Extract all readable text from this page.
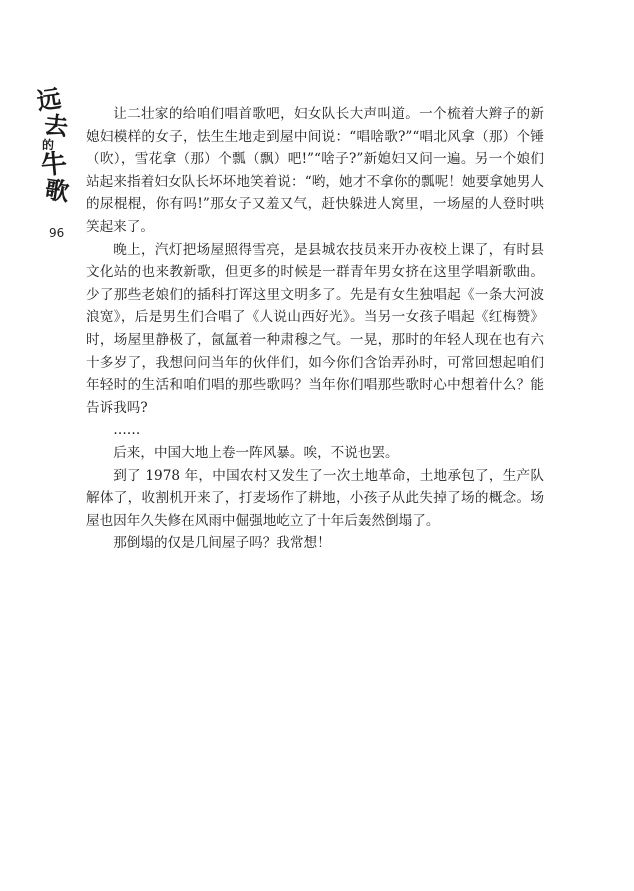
远
去
的
牛
歌
96

让二壮家的给咱们唱首歌吧，妇女队长大声叫道。一个梳着大辫子的新媳妇模样的女子，怯生生地走到屋中间说：“唱啥歌?”“唱北风拿（那）个锤（吹），雪花拿（那）个瓢（飘）吧!”“啥子?”新媳妇又问一遍。另一个娘们站起来指着妇女队长坏坏地笑着说：“哟，她才不拿你的瓢呢！她要拿她男人的尿棍棍，你有吗!”那女子又羞又气，赶快躲进人窝里，一场屋的人登时哄笑起来了。

晚上，汽灯把场屋照得雪亮，是县城农技员来开办夜校上课了，有时县文化站的也来教新歌，但更多的时候是一群青年男女挤在这里学唱新歌曲。少了那些老娘们的插科打诨这里文明多了。先是有女生独唱起《一条大河波浪宽》，后是男生们合唱了《人说山西好光》。当另一女孩子唱起《红梅赞》时，场屋里静极了，氤氲着一种肃穆之气。一晃，那时的年轻人现在也有六十多岁了，我想问问当年的伙伴们，如今你们含饴弄孙时，可常回想起咱们年轻时的生活和咱们唱的那些歌吗？当年你们唱那些歌时心中想着什么？能告诉我吗?

……

后来，中国大地上卷一阵风暴。唉，不说也罢。

到了 1978 年，中国农村又发生了一次土地革命，土地承包了，生产队解体了，收割机开来了，打麦场作了耕地，小孩子从此失掉了场的概念。场屋也因年久失修在风雨中倔强地屹立了十年后轰然倒塌了。

那倒塌的仅是几间屋子吗？我常想！
